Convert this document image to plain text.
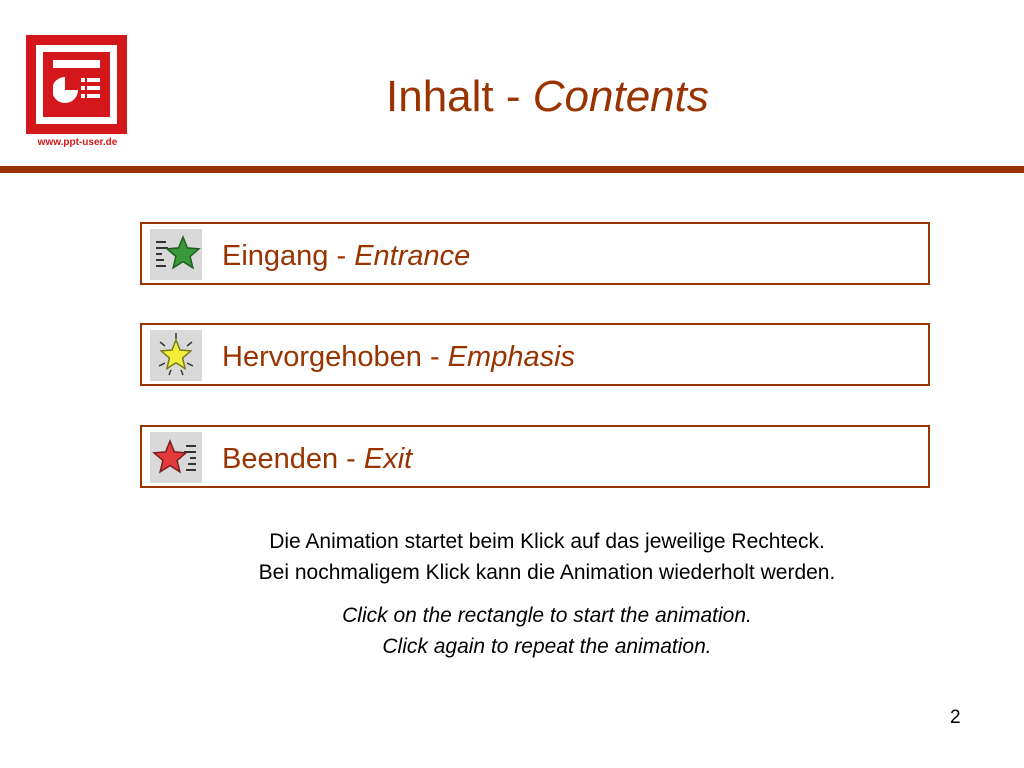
www.ppt-user.de
Inhalt - Contents
Eingang - Entrance
Hervorgehoben - Emphasis
Beenden - Exit
Die Animation startet beim Klick auf das jeweilige Rechteck.
Bei nochmaligem Klick kann die Animation wiederholt werden.
Click on the rectangle to start the animation.
Click again to repeat the animation.
2
